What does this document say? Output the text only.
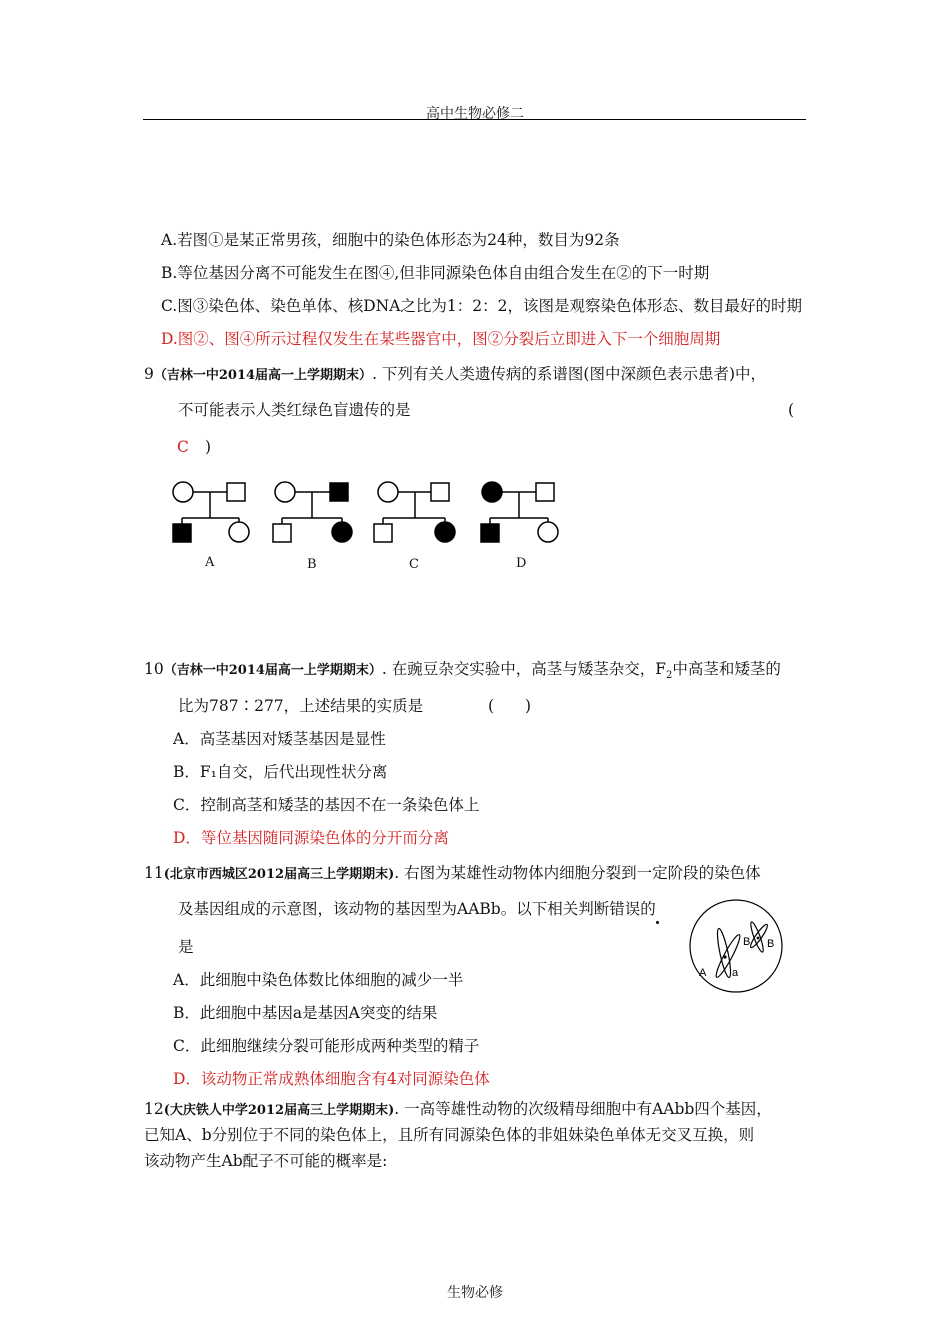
高中生物必修二
A.若图①是某正常男孩，细胞中的染色体形态为24种，数目为92条
B.等位基因分离不可能发生在图④,但非同源染色体自由组合发生在②的下一时期
C.图③染色体、染色单体、核DNA之比为1：2：2，该图是观察染色体形态、数目最好的时期
D.图②、图④所示过程仅发生在某些器官中，图②分裂后立即进入下一个细胞周期
9（吉林一中2014届高一上学期期末）. 下列有关人类遗传病的系谱图(图中深颜色表示患者)中，
不可能表示人类红绿色盲遗传的是	(
C )
A	B	C	D
10（吉林一中2014届高一上学期期末）. 在豌豆杂交实验中，高茎与矮茎杂交，$F_2$中高茎和矮茎的
比为787∶277，上述结果的实质是	(　　)
A．高茎基因对矮茎基因是显性
B．F₁自交，后代出现性状分离
C．控制高茎和矮茎的基因不在一条染色体上
D．等位基因随同源染色体的分开而分离
11(北京市西城区2012届高三上学期期末). 右图为某雄性动物体内细胞分裂到一定阶段的染色体
及基因组成的示意图，该动物的基因型为AABb。以下相关判断错误的
是	B B
A a
A．此细胞中染色体数比体细胞的减少一半
B．此细胞中基因a是基因A突变的结果
C．此细胞继续分裂可能形成两种类型的精子
D．该动物正常成熟体细胞含有4对同源染色体
12(大庆铁人中学2012届高三上学期期末). 一高等雄性动物的次级精母细胞中有AAbb四个基因，
已知A、b分别位于不同的染色体上，且所有同源染色体的非姐妹染色单体无交叉互换，则
该动物产生Ab配子不可能的概率是:
生物必修
